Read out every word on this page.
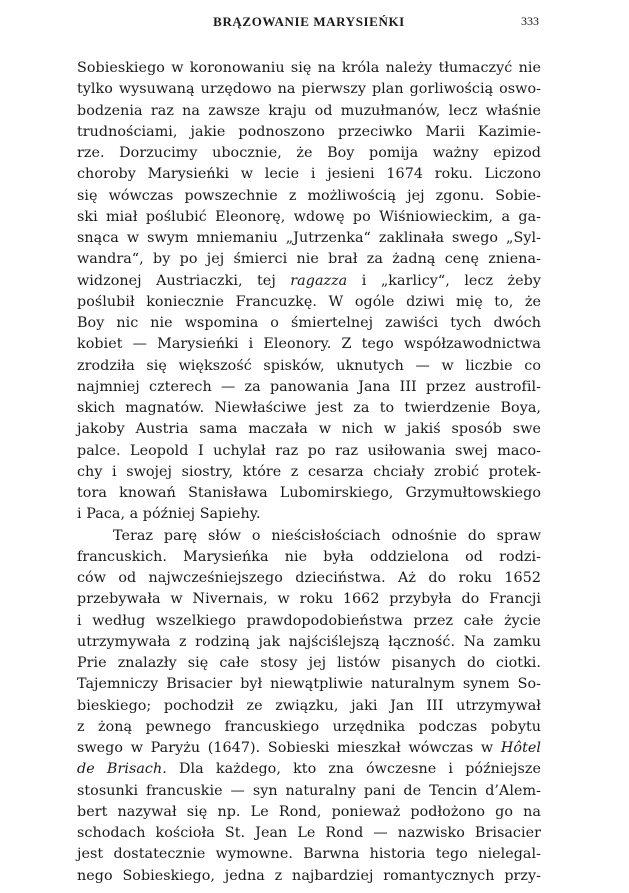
BRĄZOWANIE MARYSIEŃKI	333
Sobieskiego w koronowaniu się na króla należy tłumaczyć nie
tylko wysuwaną urzędowo na pierwszy plan gorliwością oswo-
bodzenia raz na zawsze kraju od muzułmanów, lecz właśnie
trudnościami, jakie podnoszono przeciwko Marii Kazimie-
rze. Dorzucimy ubocznie, że Boy pomija ważny epizod
choroby Marysieńki w lecie i jesieni 1674 roku. Liczono
się wówczas powszechnie z możliwością jej zgonu. Sobie-
ski miał poślubić Eleonorę, wdowę po Wiśniowieckim, a ga-
snąca w swym mniemaniu „Jutrzenka“ zaklinała swego „Syl-
wandra“, by po jej śmierci nie brał za żadną cenę zniena-
widzonej Austriaczki, tej ragazza i „karlicy“, lecz żeby
poślubił koniecznie Francuzkę. W ogóle dziwi mię to, że
Boy nic nie wspomina o śmiertelnej zawiści tych dwóch
kobiet — Marysieńki i Eleonory. Z tego współzawodnictwa
zrodziła się większość spisków, uknutych — w liczbie co
najmniej czterech — za panowania Jana III przez austrofil-
skich magnatów. Niewłaściwe jest za to twierdzenie Boya,
jakoby Austria sama maczała w nich w jakiś sposób swe
palce. Leopold I uchylał raz po raz usiłowania swej maco-
chy i swojej siostry, które z cesarza chciały zrobić protek-
tora knowań Stanisława Lubomirskiego, Grzymułtowskiego
i Paca, a później Sapiehy.
Teraz parę słów o nieścisłościach odnośnie do spraw
francuskich. Marysieńka nie była oddzielona od rodzi-
ców od najwcześniejszego dzieciństwa. Aż do roku 1652
przebywała w Nivernais, w roku 1662 przybyła do Francji
i według wszelkiego prawdopodobieństwa przez całe życie
utrzymywała z rodziną jak najściślejszą łączność. Na zamku
Prie znalazły się całe stosy jej listów pisanych do ciotki.
Tajemniczy Brisacier był niewątpliwie naturalnym synem So-
bieskiego; pochodził ze związku, jaki Jan III utrzymywał
z żoną pewnego francuskiego urzędnika podczas pobytu
swego w Paryżu (1647). Sobieski mieszkał wówczas w Hôtel
de Brisach. Dla każdego, kto zna ówczesne i późniejsze
stosunki francuskie — syn naturalny pani de Tencin d’Alem-
bert nazywał się np. Le Rond, ponieważ podłożono go na
schodach kościoła St. Jean Le Rond — nazwisko Brisacier
jest dostatecznie wymowne. Barwna historia tego nielegal-
nego Sobieskiego, jedna z najbardziej romantycznych przy-
